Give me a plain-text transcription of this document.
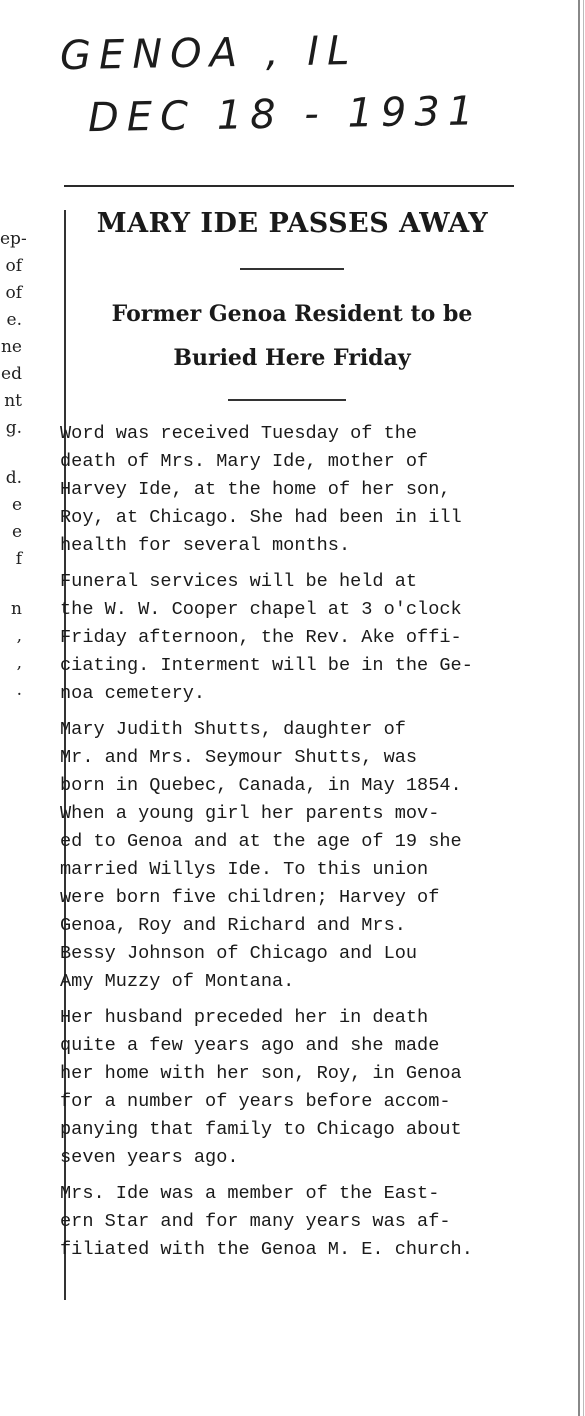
GENOA , IL
DEC 18 - 1931
ep-
of
of
e.
ne
ed
nt
g.
d.
e
e
f
n
,
,
.
MARY IDE PASSES AWAY
Former Genoa Resident to be
Buried Here Friday
Word was received Tuesday of the
death of Mrs. Mary Ide, mother of
Harvey Ide, at the home of her son,
Roy, at Chicago. She had been in ill
health for several months.
Funeral services will be held at
the W. W. Cooper chapel at 3 o'clock
Friday afternoon, the Rev. Ake offi-
ciating. Interment will be in the Ge-
noa cemetery.
Mary Judith Shutts, daughter of
Mr. and Mrs. Seymour Shutts, was
born in Quebec, Canada, in May 1854.
When a young girl her parents mov-
ed to Genoa and at the age of 19 she
married Willys Ide. To this union
were born five children; Harvey of
Genoa, Roy and Richard and Mrs.
Bessy Johnson of Chicago and Lou
Amy Muzzy of Montana.
Her husband preceded her in death
quite a few years ago and she made
her home with her son, Roy, in Genoa
for a number of years before accom-
panying that family to Chicago about
seven years ago.
Mrs. Ide was a member of the East-
ern Star and for many years was af-
filiated with the Genoa M. E. church.
